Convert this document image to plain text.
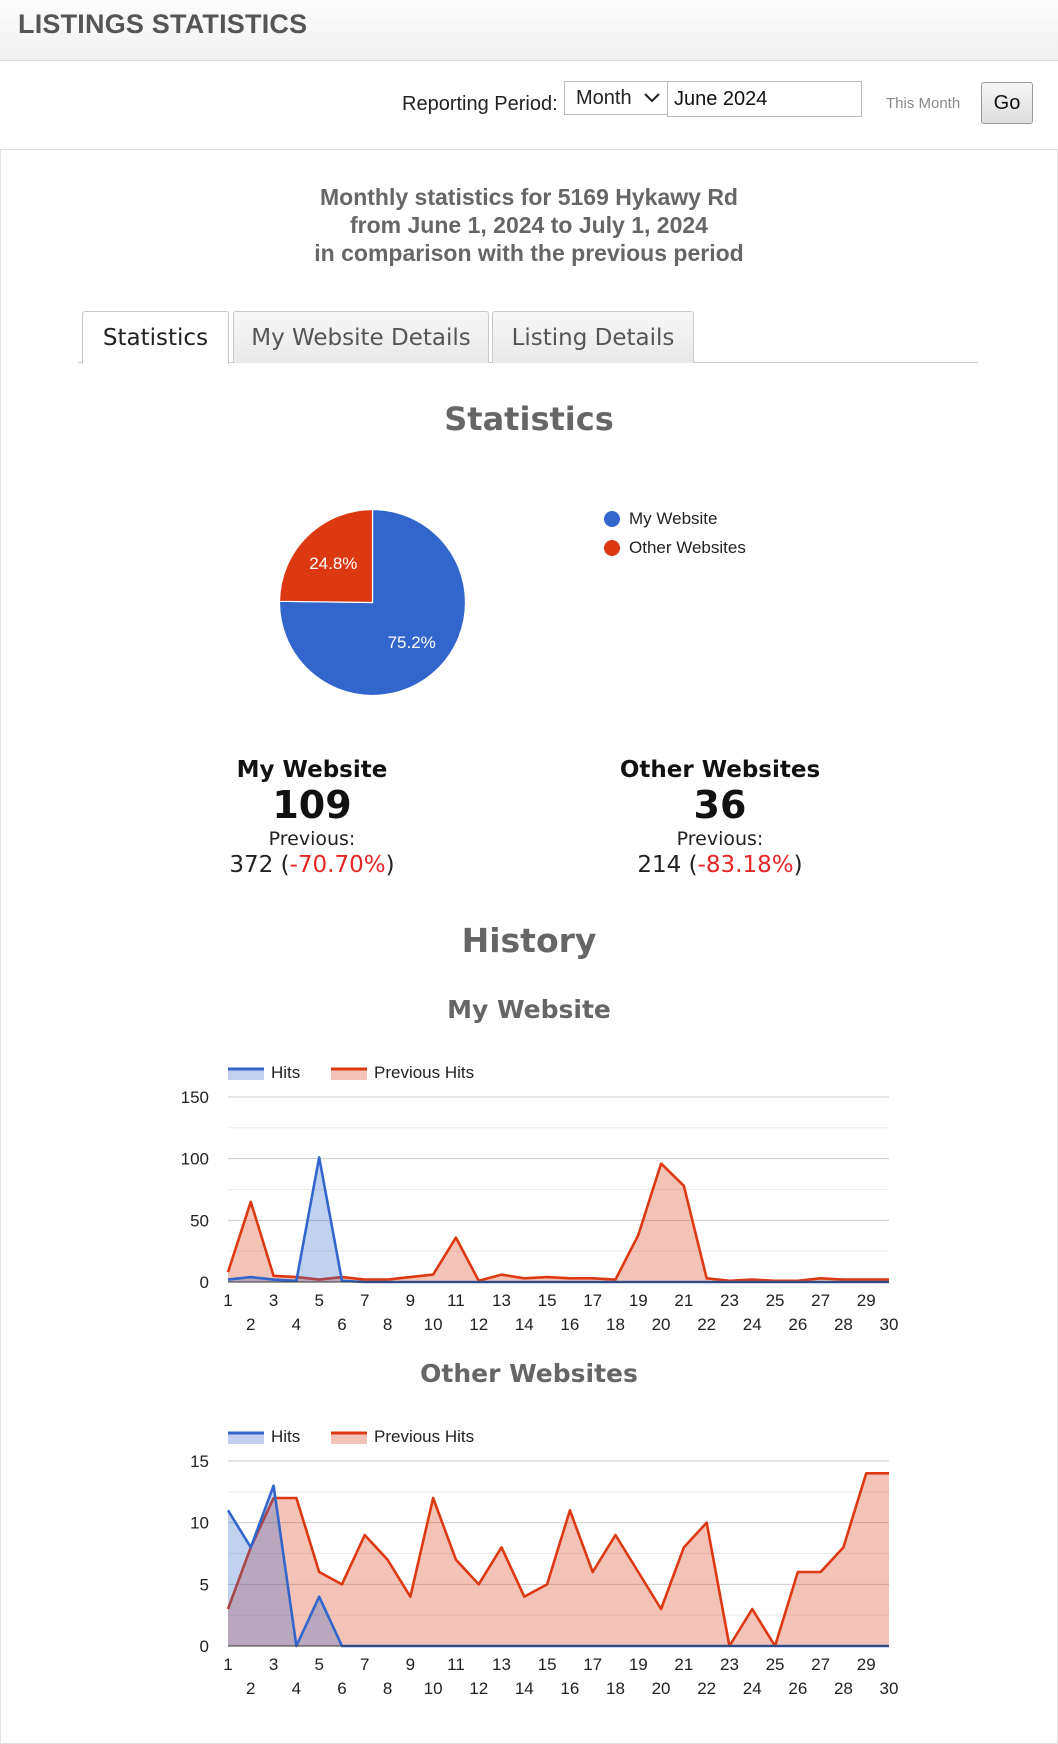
LISTINGS STATISTICS
Reporting Period: Month
June 2024	This Month	Go
Monthly statistics for 5169 Hykawy Rd
from June 1, 2024 to July 1, 2024
in comparison with the previous period
Statistics	My Website Details	Listing Details
Statistics
75.2%
24.8%
My Website
Other Websites
My Website
109
Previous:
372 (-70.70%)
Other Websites
36
Previous:
214 (-83.18%)
History
My Website
Hits	Previous Hits
0
50
100
150
1
2
3
4
5
6
7
8
9
10
11
12
13
14
15
16
17
18
19
20
21
22
23
24
25
26
27
28
29
30
Other Websites
Hits	Previous Hits
0
5
10
15
1
2
3
4
5
6
7
8
9
10
11
12
13
14
15
16
17
18
19
20
21
22
23
24
25
26
27
28
29
30
